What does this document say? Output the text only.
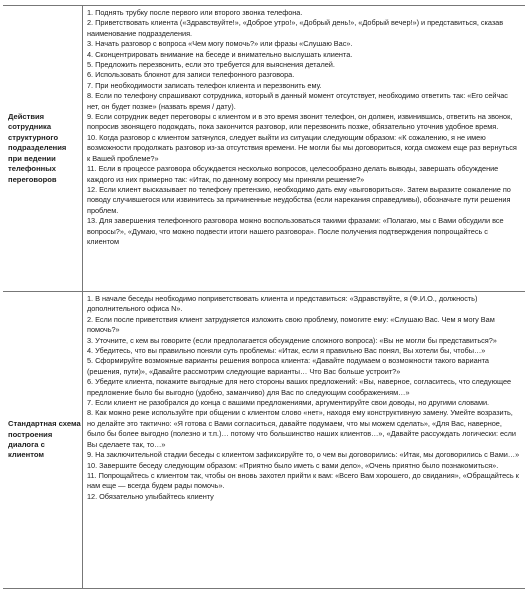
Действия сотрудника структурного подразделения при ведении телефонных переговоров

1. Поднять трубку после первого или второго звонка телефона.

2. Приветствовать клиента («Здравствуйте!», «Доброе утро!», «Добрый день!», «Добрый вечер!») и представиться, сказав наименование подразделения.

3. Начать разговор с вопроса «Чем могу помочь?» или фразы «Слушаю Вас».

4. Сконцентрировать внимание на беседе и внимательно выслушать клиента.

5. Предложить перезвонить, если это требуется для выяснения деталей.

6. Использовать блокнот для записи телефонного разговора.

7. При необходимости записать телефон клиента и перезвонить ему.

8. Если по телефону спрашивают сотрудника, который в данный момент отсутствует, необходимо ответить так: «Его сейчас нет, он будет позже» (назвать время / дату).

9. Если сотрудник ведет переговоры с клиентом и в это время звонит телефон, он должен, извинившись, ответить на звонок, попросив звонящего подождать, пока закончится разговор, или перезвонить позже, обязательно уточнив удобное время.

10. Когда разговор с клиентом затянулся, следует выйти из ситуации следующим образом: «К сожалению, я не имею возможности продолжать разговор из-за отсутствия времени. Не могли бы мы договориться, когда сможем еще раз вернуться к Вашей проблеме?»

11. Если в процессе разговора обсуждается несколько вопросов, целесообразно делать выводы, завершать обсуждение каждого из них примерно так: «Итак, по данному вопросу мы приняли решение?»

12. Если клиент высказывает по телефону претензию, необходимо дать ему «выговориться». Затем выразите сожаление по поводу случившегося или извинитесь за причиненные неудобства (если нарекания справедливы), обозначьте пути решения проблем.

13. Для завершения телефонного разговора можно воспользоваться такими фразами: «Полагаю, мы с Вами обсудили все вопросы?», «Думаю, что можно подвести итоги нашего разговора». После получения подтверждения попрощайтесь с клиентом

Стандартная схема построения диалога с клиентом

1. В начале беседы необходимо поприветствовать клиента и представиться: «Здравствуйте, я (Ф.И.О., должность) дополнительного офиса N».

2. Если после приветствия клиент затрудняется изложить свою проблему, помогите ему: «Слушаю Вас. Чем я могу Вам помочь?»

3. Уточните, с кем вы говорите (если предполагается обсуждение сложного вопроса): «Вы не могли бы представиться?»

4. Убедитесь, что вы правильно поняли суть проблемы: «Итак, если я правильно Вас понял, Вы хотели бы, чтобы…»

5. Сформируйте возможные варианты решения вопроса клиента: «Давайте подумаем о возможности такого варианта (решения, пути)», «Давайте рассмотрим следующие варианты… Что Вас больше устроит?»

6. Убедите клиента, покажите выгодные для него стороны ваших предложений: «Вы, наверное, согласитесь, что следующее предложение было бы выгодно (удобно, заманчиво) для Вас по следующим соображениям…»

7. Если клиент не разобрался до конца с вашими предложениями, аргументируйте свои доводы, но другими словами.

8. Как можно реже используйте при общении с клиентом слово «нет», находя ему конструктивную замену. Умейте возразить, но делайте это тактично: «Я готова с Вами согласиться, давайте подумаем, что мы можем сделать», «Для Вас, наверное, было бы более выгодно (полезно и т.п.)… потому что большинство наших клиентов…», «Давайте рассуждать логически: если Вы сделаете так, то…»

9. На заключительной стадии беседы с клиентом зафиксируйте то, о чем вы договорились: «Итак, мы договорились с Вами…»

10. Завершите беседу следующим образом: «Приятно было иметь с вами дело», «Очень приятно было познакомиться».

11. Попрощайтесь с клиентом так, чтобы он вновь захотел прийти к вам: «Всего Вам хорошего, до свидания», «Обращайтесь к нам еще — всегда будем рады помочь».

12. Обязательно улыбайтесь клиенту
